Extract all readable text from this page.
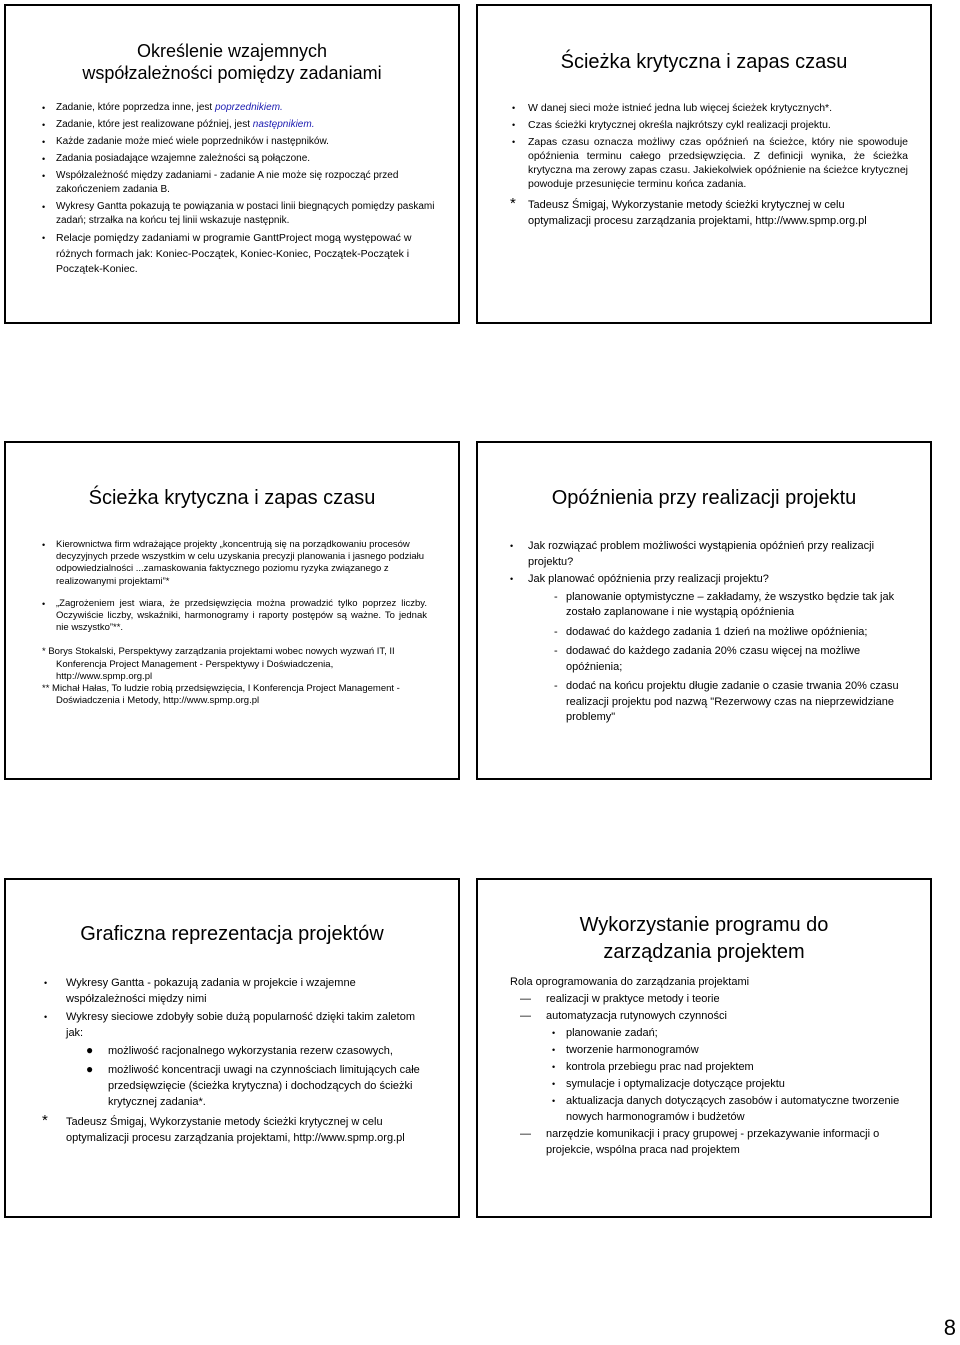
Określenie wzajemnych
współzależności pomiędzy zadaniami
• Zadanie, które poprzedza inne, jest poprzednikiem.
• Zadanie, które jest realizowane później, jest następnikiem.
• Każde zadanie może mieć wiele poprzedników i następników.
• Zadania posiadające wzajemne zależności są połączone.
• Współzależność między zadaniami - zadanie A nie może się rozpocząć przed zakończeniem zadania B.
• Wykresy Gantta pokazują te powiązania w postaci linii biegnących pomiędzy paskami zadań; strzałka na końcu tej linii wskazuje następnik.
• Relacje pomiędzy zadaniami w programie GanttProject mogą występować w różnych formach jak: Koniec-Początek, Koniec-Koniec, Początek-Początek i Początek-Koniec.
Ścieżka krytyczna i zapas czasu
• W danej sieci może istnieć jedna lub więcej ścieżek krytycznych*.
• Czas ścieżki krytycznej określa najkrótszy cykl realizacji projektu.
• Zapas czasu oznacza możliwy czas opóźnień na ścieżce, który nie spowoduje opóźnienia terminu całego przedsięwzięcia. Z definicji wynika, że ścieżka krytyczna ma zerowy zapas czasu. Jakiekolwiek opóźnienie na ścieżce krytycznej powoduje przesunięcie terminu końca zadania.
* Tadeusz Śmigaj, Wykorzystanie metody ścieżki krytycznej w celu optymalizacji procesu zarządzania projektami, http://www.spmp.org.pl
Ścieżka krytyczna i zapas czasu
• Kierownictwa firm wdrażające projekty „koncentrują się na porządkowaniu procesów decyzyjnych przede wszystkim w celu uzyskania precyzji planowania i jasnego podziału odpowiedzialności ...zamaskowania faktycznego poziomu ryzyka związanego z realizowanymi projektami”*
• „Zagrożeniem jest wiara, że przedsięwzięcia można prowadzić tylko poprzez liczby. Oczywiście liczby, wskaźniki, harmonogramy i raporty postępów są ważne. To jednak nie wszystko”**.

* Borys Stokalski, Perspektywy zarządzania projektami wobec nowych wyzwań IT, II Konferencja Project Management - Perspektywy i Doświadczenia, http://www.spmp.org.pl

** Michał Hałas, To ludzie robią przedsięwzięcia, I Konferencja Project Management - Doświadczenia i Metody, http://www.spmp.org.pl

Opóźnienia przy realizacji projektu
• Jak rozwiązać problem możliwości wystąpienia opóźnień przy realizacji projektu?
• Jak planować opóźnienia przy realizacji projektu?
- planowanie optymistyczne – zakładamy, że wszystko będzie tak jak zostało zaplanowane i nie wystąpią opóźnienia
- dodawać do każdego zadania 1 dzień na możliwe opóźnienia;
- dodawać do każdego zadania 20% czasu więcej na możliwe opóźnienia;
- dodać na końcu projektu długie zadanie o czasie trwania 20% czasu realizacji projektu pod nazwą "Rezerwowy czas na nieprzewidziane problemy"
Graficzna reprezentacja projektów
• Wykresy Gantta - pokazują zadania w projekcie i wzajemne współzależności między nimi
• Wykresy sieciowe zdobyły sobie dużą popularność dzięki takim zaletom jak:
● możliwość racjonalnego wykorzystania rezerw czasowych,
● możliwość koncentracji uwagi na czynnościach limitujących całe przedsięwzięcie (ścieżka krytyczna) i dochodzących do ścieżki krytycznej zadania*.
* Tadeusz Śmigaj, Wykorzystanie metody ścieżki krytycznej w celu optymalizacji procesu zarządzania projektami, http://www.spmp.org.pl
Wykorzystanie programu do
zarządzania projektem

Rola oprogramowania do zarządzania projektami

— realizacji w praktyce metody i teorie
— automatyzacja rutynowych czynności
• planowanie zadań;
• tworzenie harmonogramów
• kontrola przebiegu prac nad projektem
• symulacje i optymalizacje dotyczące projektu
• aktualizacja danych dotyczących zasobów i automatyczne tworzenie nowych harmonogramów i budżetów
— narzędzie komunikacji i pracy grupowej - przekazywanie informacji o projekcie, wspólna praca nad projektem
8
